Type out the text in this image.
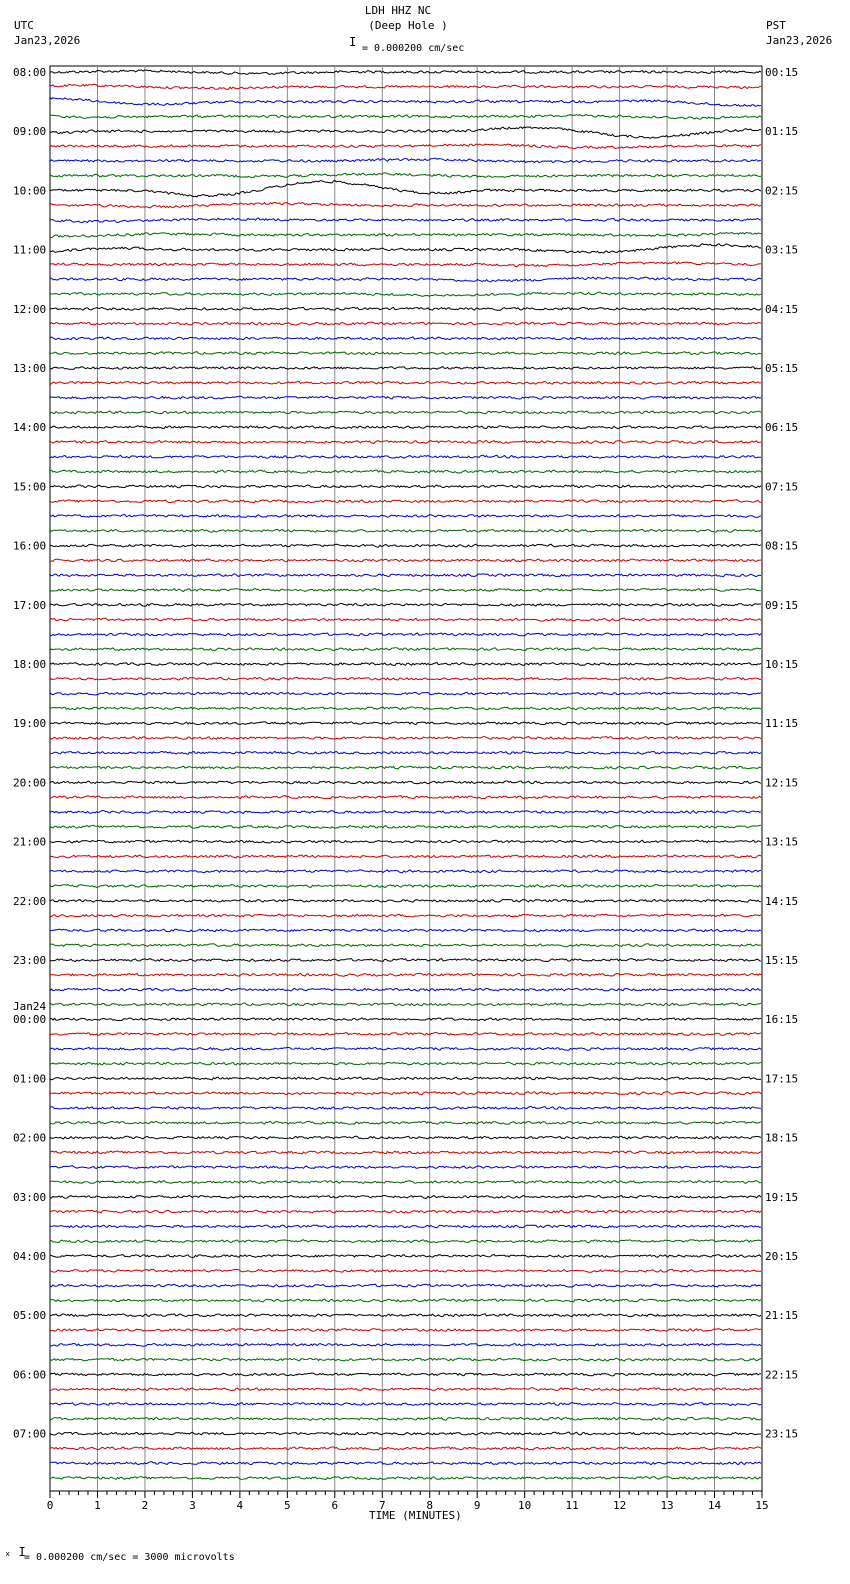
0	1	2	3	4	5	6	7	8	9	10	11	12	13	14	15
08:00
09:00
10:00
11:00
12:00
13:00
14:00
15:00
16:00
17:00
18:00
19:00
20:00
21:00
22:00
23:00
00:00
Jan24
01:00
02:00
03:00
04:00
05:00
06:00
07:00
00:15
01:15
02:15
03:15
04:15
05:15
06:15
07:15
08:15
09:15
10:15
11:15
12:15
13:15
14:15
15:15
16:15
17:15
18:15
19:15
20:15
21:15
22:15
23:15
LDH HHZ NC
(Deep Hole )
I = 0.000200 cm/sec
UTC
Jan23,2026
PST
Jan23,2026
TIME (MINUTES)
ₓ I
= 0.000200 cm/sec = 3000 microvolts
